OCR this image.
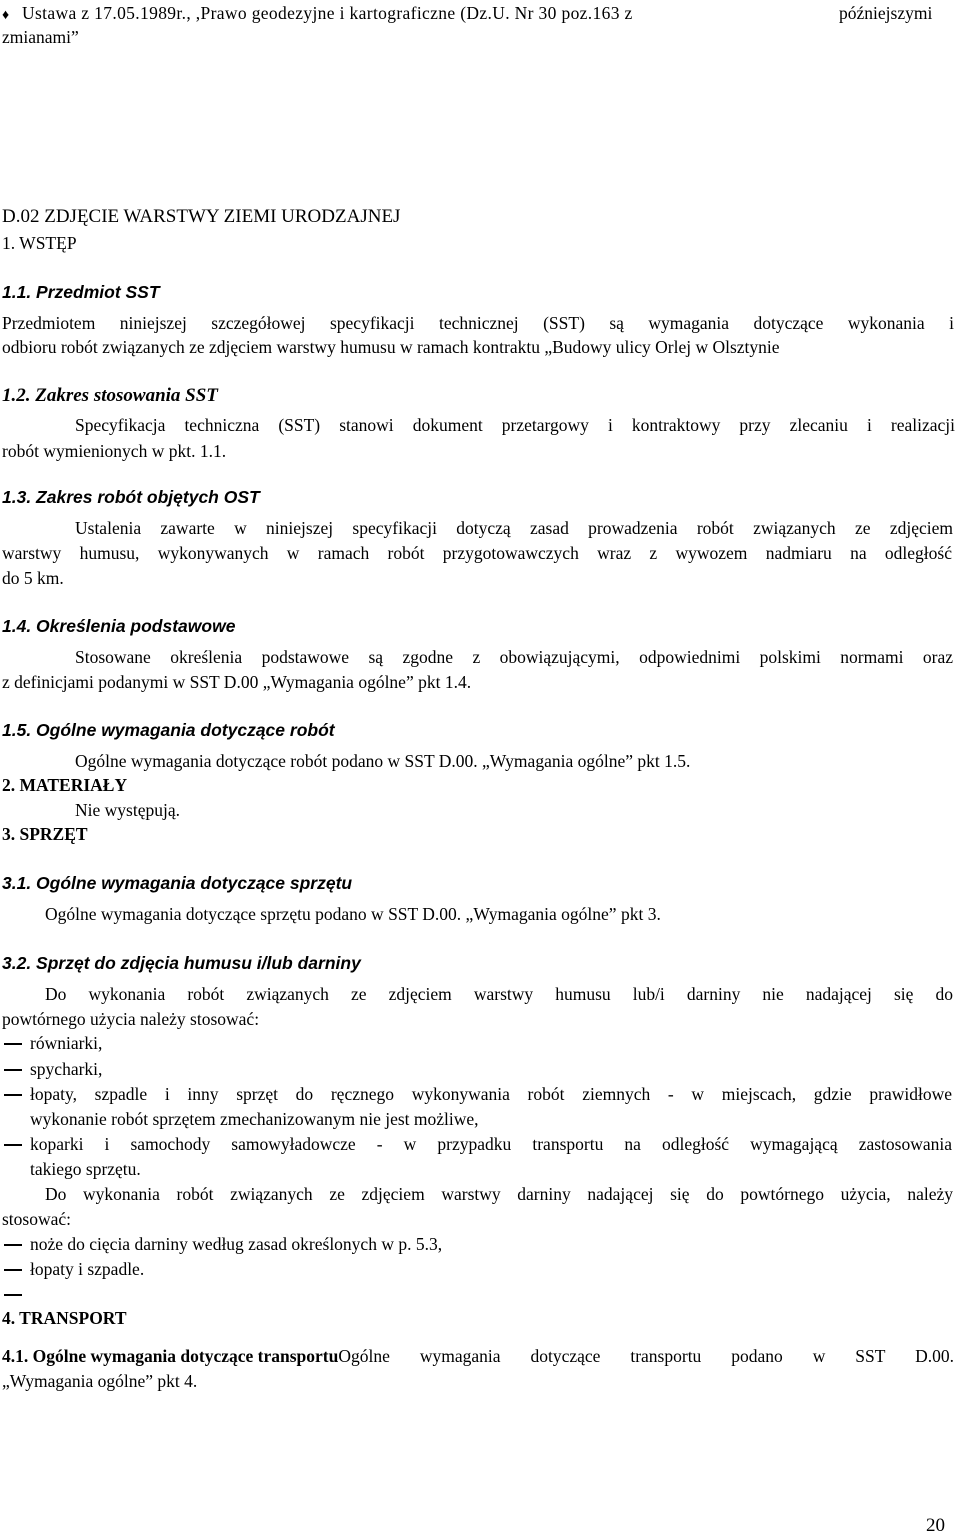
♦ Ustawa z 17.05.1989r., ,Prawo geodezyjne i kartograficzne (Dz.U. Nr 30 poz.163 z	późniejszymi
zmianami”
D.02 ZDJĘCIE WARSTWY ZIEMI URODZAJNEJ
1. WSTĘP
1.1. Przedmiot SST
Przedmiotem niniejszej szczegółowej specyfikacji technicznej (SST) są wymagania dotyczące wykonania i
odbioru robót związanych ze zdjęciem warstwy humusu w ramach kontraktu „Budowy ulicy Orlej w Olsztynie
1.2. Zakres stosowania SST
Specyfikacja techniczna (SST) stanowi dokument przetargowy i kontraktowy przy zlecaniu i realizacji
robót wymienionych w pkt. 1.1.
1.3. Zakres robót objętych OST
Ustalenia zawarte w niniejszej specyfikacji dotyczą zasad prowadzenia robót związanych ze zdjęciem
warstwy humusu, wykonywanych w ramach robót przygotowawczych wraz z wywozem nadmiaru na odległość
do 5 km.
1.4. Określenia podstawowe
Stosowane określenia podstawowe są zgodne z obowiązującymi, odpowiednimi polskimi normami oraz
z definicjami podanymi w SST D.00 „Wymagania ogólne” pkt 1.4.
1.5. Ogólne wymagania dotyczące robót
Ogólne wymagania dotyczące robót podano w SST D.00. „Wymagania ogólne” pkt 1.5.
2. MATERIAŁY
Nie występują.
3. SPRZĘT
3.1. Ogólne wymagania dotyczące sprzętu
Ogólne wymagania dotyczące sprzętu podano w SST D.00. „Wymagania ogólne” pkt 3.
3.2. Sprzęt do zdjęcia humusu i/lub darniny
Do wykonania robót związanych ze zdjęciem warstwy humusu lub/i darniny nie nadającej się do
powtórnego użycia należy stosować:
równiarki,
spycharki,
łopaty, szpadle i inny sprzęt do ręcznego wykonywania robót ziemnych - w miejscach, gdzie prawidłowe
wykonanie robót sprzętem zmechanizowanym nie jest możliwe,
koparki i samochody samowyładowcze - w przypadku transportu na odległość wymagającą zastosowania
takiego sprzętu.
Do wykonania robót związanych ze zdjęciem warstwy darniny nadającej się do powtórnego użycia, należy
stosować:
noże do cięcia darniny według zasad określonych w p. 5.3,
łopaty i szpadle.
4. TRANSPORT
4.1. Ogólne wymagania dotyczące transportu Ogólne wymagania dotyczące transportu podano w SST D.00.
„Wymagania ogólne” pkt 4.
20
